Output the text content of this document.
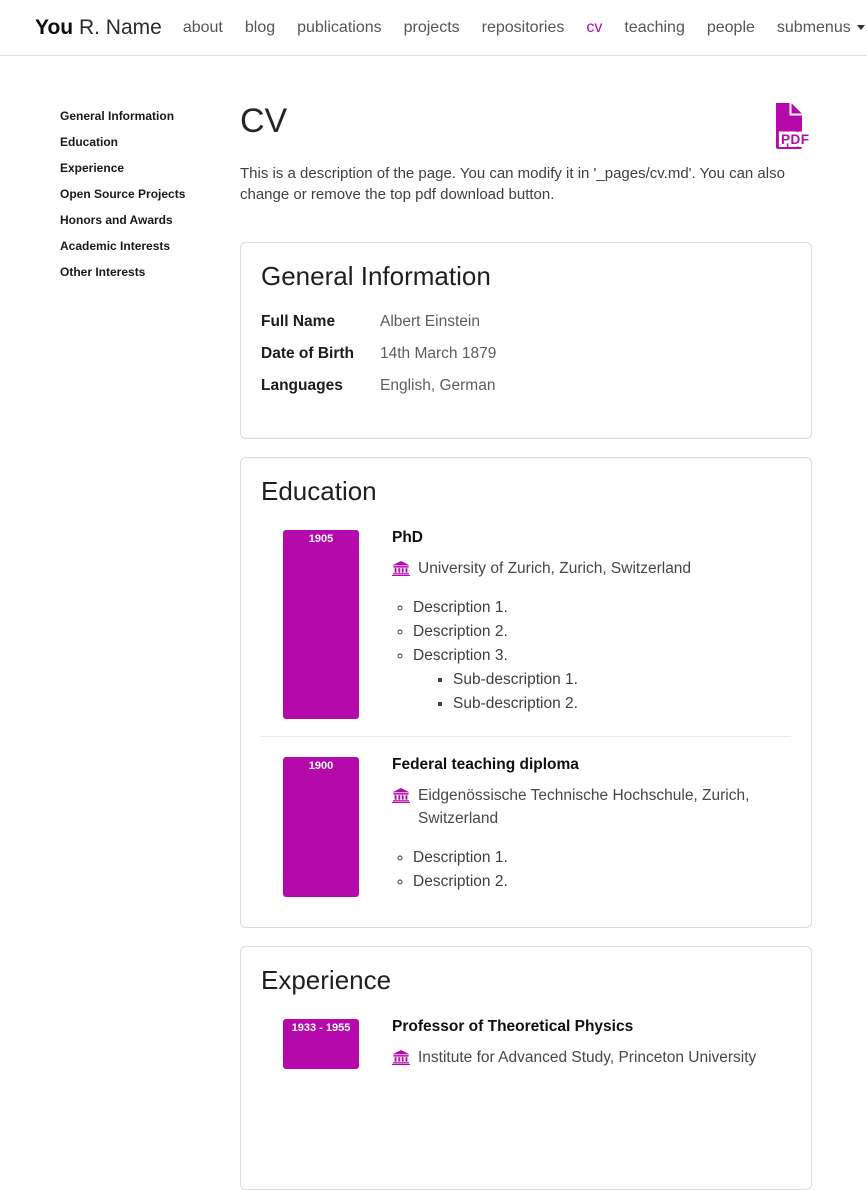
You R. Name	about	blog	publications	projects	repositories	cv	teaching	people	submenus
General Information
Education
Experience
Open Source Projects
Honors and Awards
Academic Interests
Other Interests
CV	PDF

This is a description of the page. You can modify it in '_pages/cv.md'. You can also change or remove the top pdf download button.

General Information
Full Name	Albert Einstein
Date of Birth	14th March 1879
Languages	English, German
Education
1905	PhD
University of Zurich, Zurich, Switzerland
◦ Description 1.
◦ Description 2.
◦ Description 3.
▪ Sub-description 1.
▪ Sub-description 2.
1900	Federal teaching diploma
Eidgenössische Technische Hochschule, Zurich, Switzerland
◦ Description 1.
◦ Description 2.
Experience
1933 - 1955	Professor of Theoretical Physics
Institute for Advanced Study, Princeton University
